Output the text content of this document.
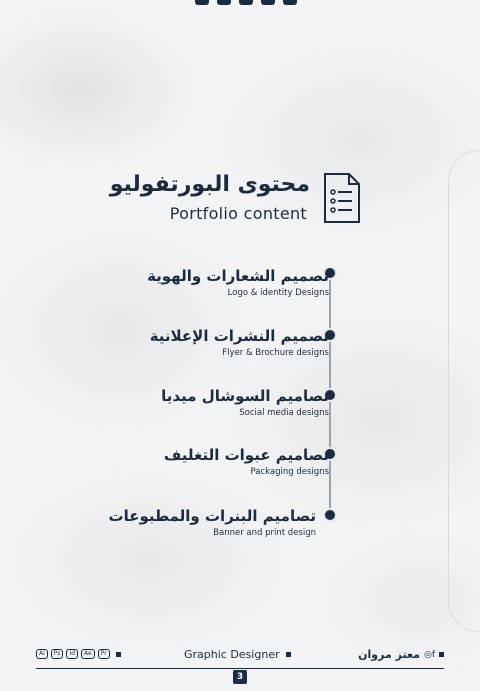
محتوى البورتفوليو
Portfolio content
تصميم الشعارات والهوية
Logo & identity Designs
تصميم النشرات الإعلانية
Flyer & Brochure designs
تصاميم السوشال ميديا
Social media designs
تصاميم عبوات التغليف
Packaging designs
تصاميم البنرات والمطبوعات
Banner and print design
Ai	Ps	Id	Ae	Pr	Graphic Designer	معتز مروان ◎f
3
